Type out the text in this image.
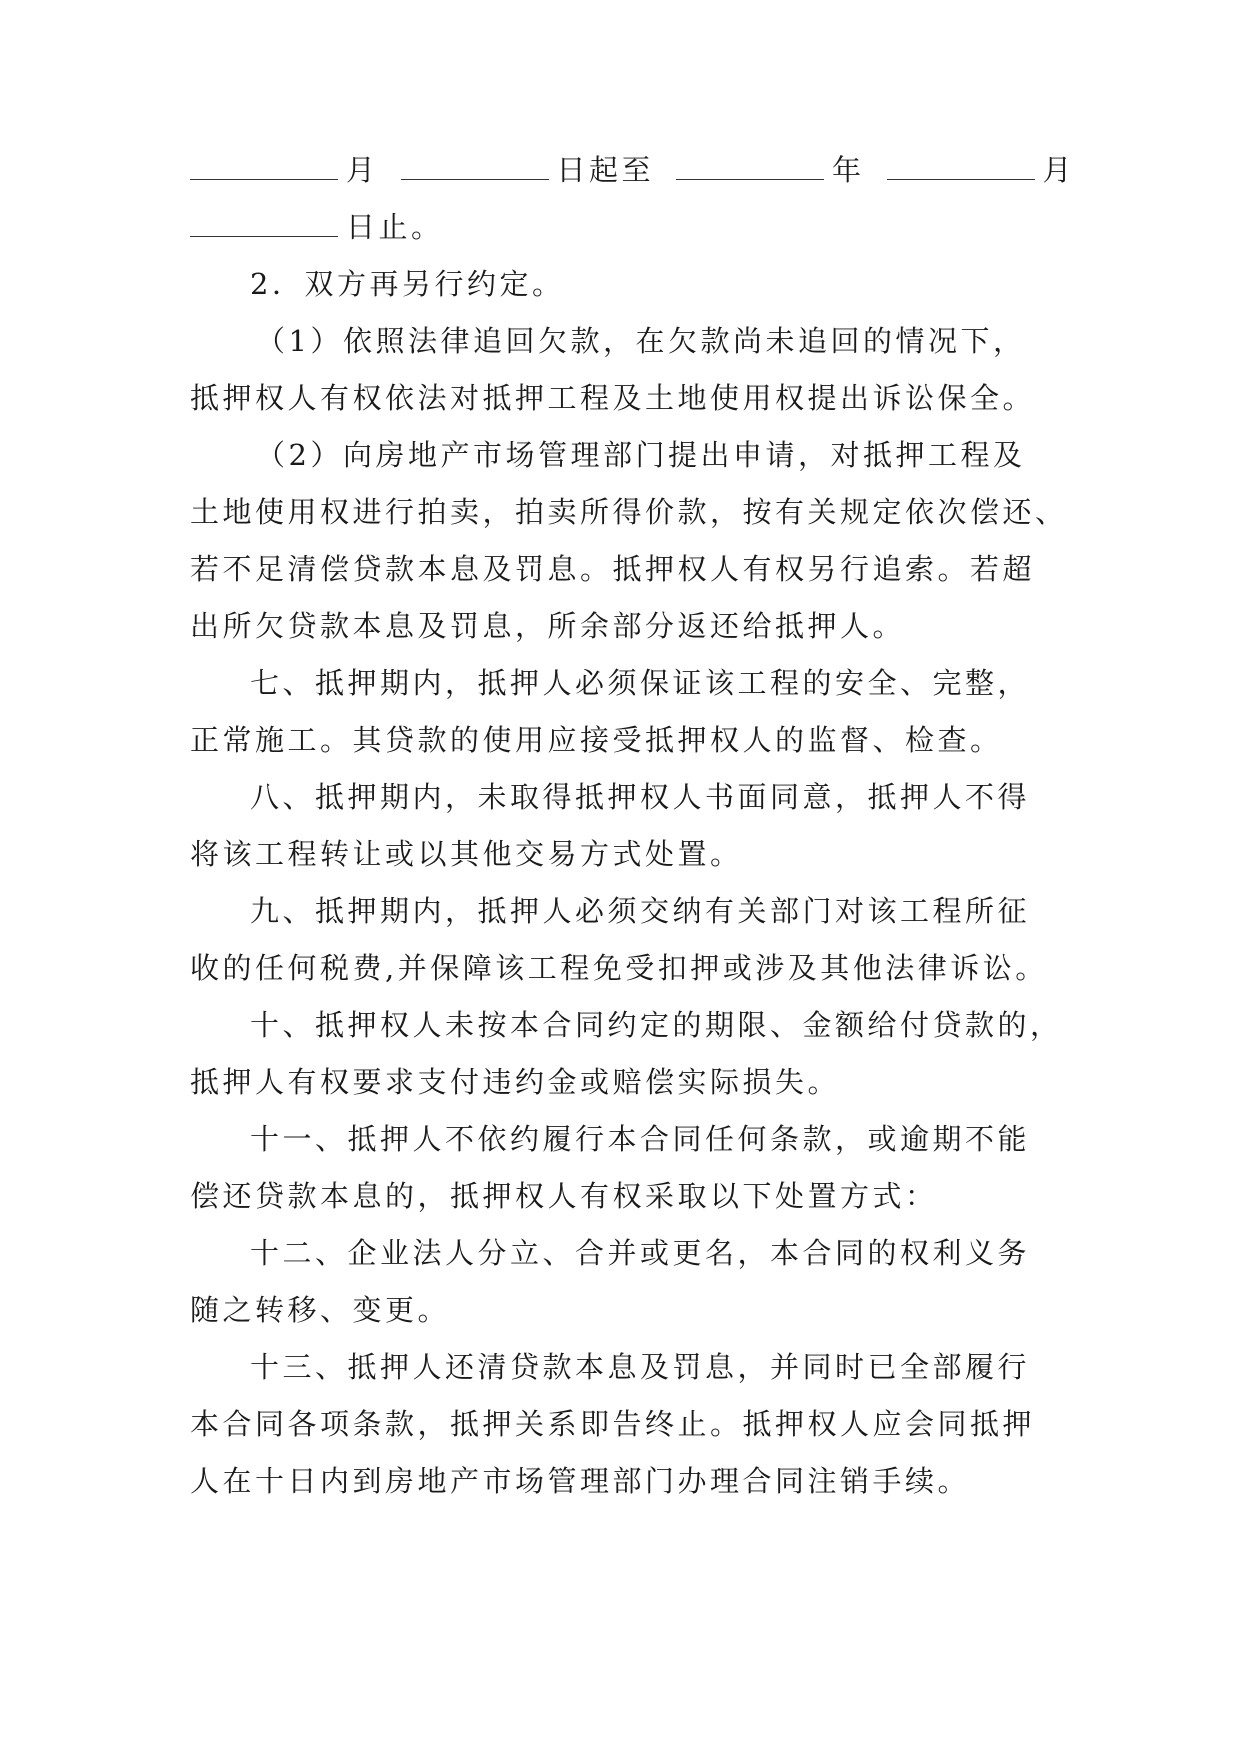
月	日起至	年	月
日止。
2．双方再另行约定。
（1）依照法律追回欠款，在欠款尚未追回的情况下，
抵押权人有权依法对抵押工程及土地使用权提出诉讼保全。
（2）向房地产市场管理部门提出申请，对抵押工程及
土地使用权进行拍卖，拍卖所得价款，按有关规定依次偿还、
若不足清偿贷款本息及罚息。抵押权人有权另行追索。若超
出所欠贷款本息及罚息，所余部分返还给抵押人。
七、抵押期内，抵押人必须保证该工程的安全、完整，
正常施工。其贷款的使用应接受抵押权人的监督、检查。
八、抵押期内，未取得抵押权人书面同意，抵押人不得
将该工程转让或以其他交易方式处置。
九、抵押期内，抵押人必须交纳有关部门对该工程所征
收的任何税费,并保障该工程免受扣押或涉及其他法律诉讼。
十、抵押权人未按本合同约定的期限、金额给付贷款的，
抵押人有权要求支付违约金或赔偿实际损失。
十一、抵押人不依约履行本合同任何条款，或逾期不能
偿还贷款本息的，抵押权人有权采取以下处置方式：
十二、企业法人分立、合并或更名，本合同的权利义务
随之转移、变更。
十三、抵押人还清贷款本息及罚息，并同时已全部履行
本合同各项条款，抵押关系即告终止。抵押权人应会同抵押
人在十日内到房地产市场管理部门办理合同注销手续。
